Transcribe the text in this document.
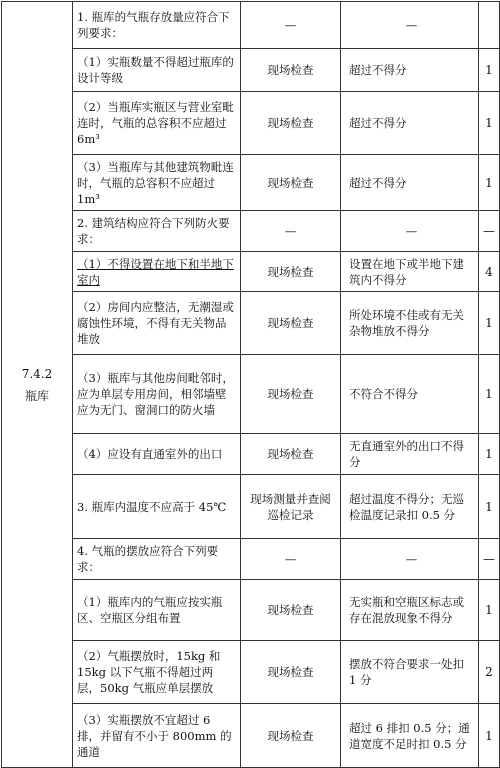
7.4.2
瓶库	1. 瓶库的气瓶存放量应符合下列要求：	—	—	
	（1）实瓶数量不得超过瓶库的设计等级	现场检查	超过不得分	1
	（2）当瓶库实瓶区与营业室毗连时，气瓶的总容积不应超过 6m³	现场检查	超过不得分	1
	（3）当瓶库与其他建筑物毗连时，气瓶的总容积不应超过 1m³	现场检查	超过不得分	1
	2. 建筑结构应符合下列防火要求：	—	—	—
	（1）不得设置在地下和半地下室内	现场检查	设置在地下或半地下建筑内不得分	4
	（2）房间内应整洁，无潮湿或腐蚀性环境，不得有无关物品堆放	现场检查	所处环境不佳或有无关杂物堆放不得分	1
	（3）瓶库与其他房间毗邻时，应为单层专用房间，相邻墙壁应为无门、窗洞口的防火墙	现场检查	不符合不得分	1
	（4）应设有直通室外的出口	现场检查	无直通室外的出口不得分	1
	3. 瓶库内温度不应高于 45℃	现场测量并查阅巡检记录	超过温度不得分；无巡检温度记录扣 0.5 分	1
	4. 气瓶的摆放应符合下列要求：	—	—	—
	（1）瓶库内的气瓶应按实瓶区、空瓶区分组布置	现场检查	无实瓶和空瓶区标志或存在混放现象不得分	1
	（2）气瓶摆放时，15kg 和 15kg 以下气瓶不得超过两层，50kg 气瓶应单层摆放	现场检查	摆放不符合要求一处扣 1 分	2
	（3）实瓶摆放不宜超过 6 排，并留有不小于 800mm 的通道	现场检查	超过 6 排扣 0.5 分；通道宽度不足时扣 0.5 分	1
